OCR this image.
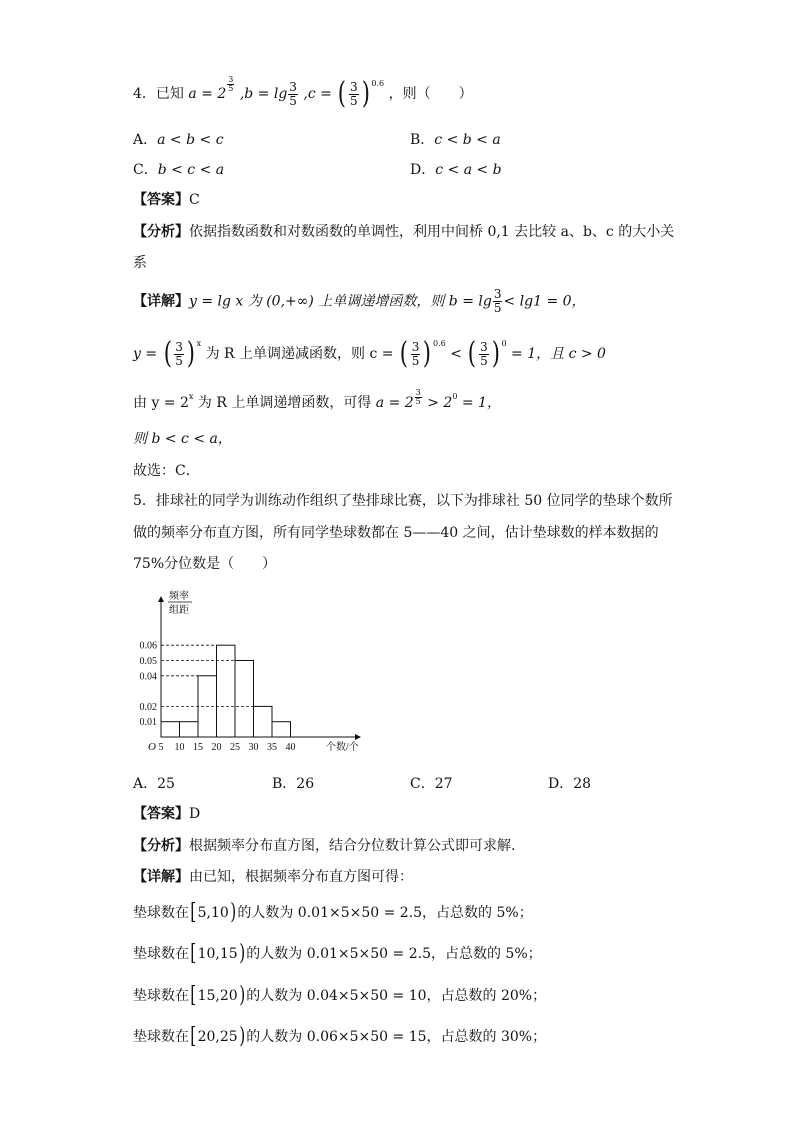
4．已知 a = 2
$^{\frac{3}{5}}$
$,b = \lg \frac{3}{5} ,c$ = ( $\frac{3}{5}$ ) $^{0.6}$ ，则（　　）
A．a < b < c	B．c < b < a
C．b < c < a	D．c < a < b
【答案】C
【分析】依据指数函数和对数函数的单调性，利用中间桥 0,1 去比较 a、b、c 的大小关
系
【详解】y = lg x 为 (0,+∞) 上单调递增函数，则 $b = \lg \frac{3}{5} < \lg 1 = 0$，
y = ( $\frac{3}{5}$ ) $^x$ 为 R 上单调递减函数，则 c = ( $\frac{3}{5}$ ) $^{0.6}$ < ( $\frac{3}{5}$ ) $^0$ = 1，且 c > 0
由 $y = 2^x$ 为 R 上单调递增函数，可得 a = 2 $^{\frac{3}{5}} > 2^0 = 1$，
则 b < c < a，
故选：C．
5．排球社的同学为训练动作组织了垫排球比赛，以下为排球社 50 位同学的垫球个数所
做的频率分布直方图，所有同学垫球数都在 5——40 之间，估计垫球数的样本数据的
75%分位数是（　　）
0.06
0.05
0.04
0.02
0.01
5 10 15 20 25 30 35 40
O	个数/个
频率
组距
A．25	B．26	C．27	D．28
【答案】D
【分析】根据频率分布直方图，结合分位数计算公式即可求解.
【详解】由已知，根据频率分布直方图可得：
垫球数在[5,10)的人数为 0.01×5×50 = 2.5，占总数的 5%；
垫球数在[10,15)的人数为 0.01×5×50 = 2.5，占总数的 5%；
垫球数在[15,20)的人数为 0.04×5×50 = 10，占总数的 20%；
垫球数在[20,25)的人数为 0.06×5×50 = 15，占总数的 30%；
